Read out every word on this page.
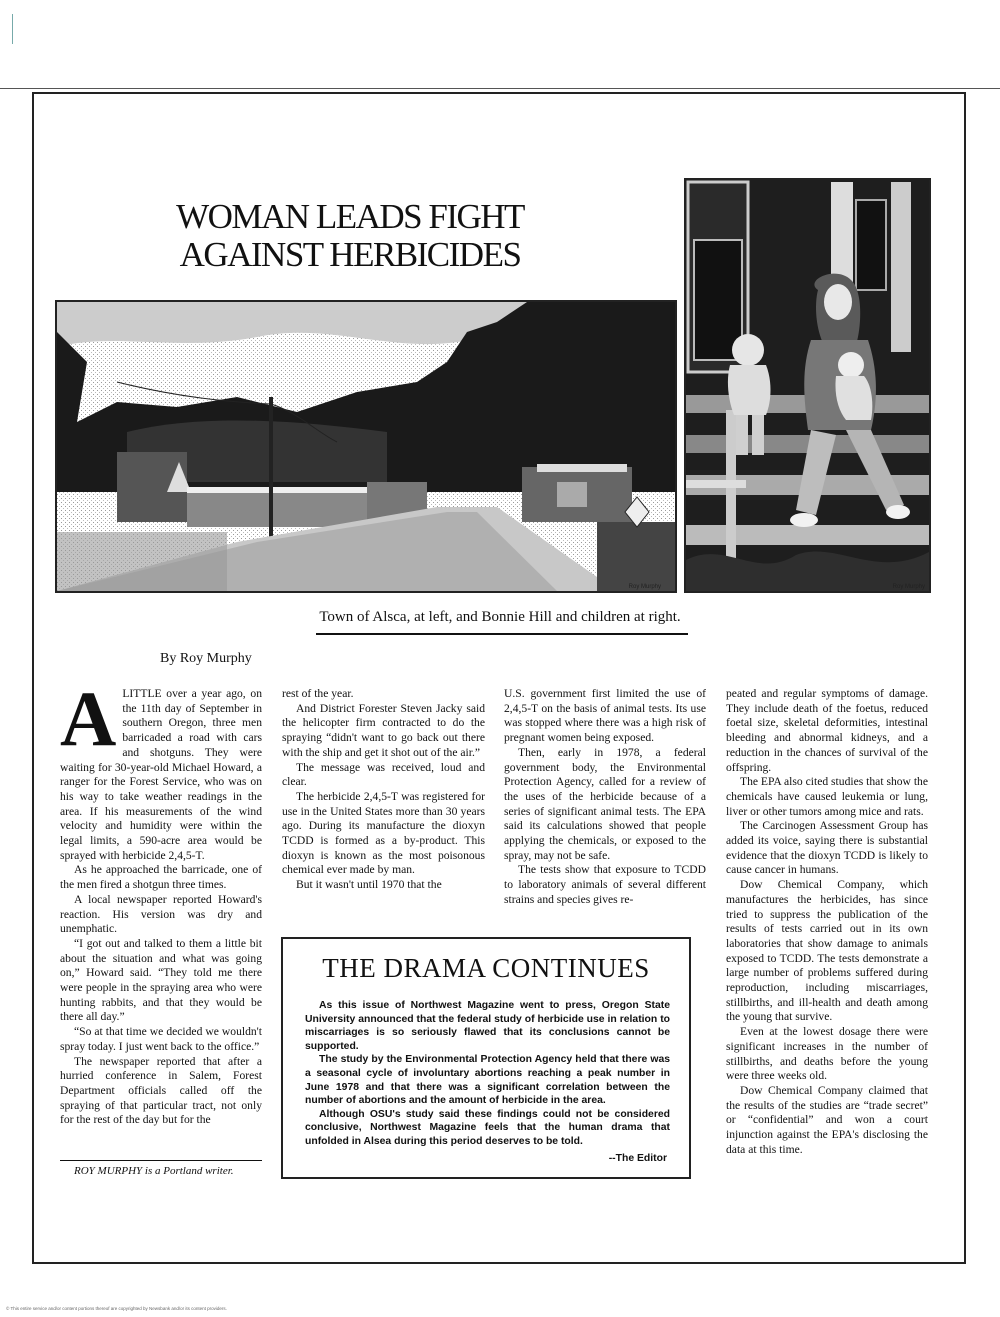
WOMAN LEADS FIGHT
AGAINST HERBICIDES
Roy Murphy	Roy Murphy
Town of Alsca, at left, and Bonnie Hill and children at right.
By Roy Murphy
A LITTLE over a year ago, on the 11th day of September in southern Oregon, three men barricaded a road with cars and shotguns. They were waiting for 30-year-old Michael Howard, a ranger for the Forest Service, who was on his way to take weather readings in the area. If his measurements of the wind velocity and humidity were within the legal limits, a 590-acre area would be sprayed with herbicide 2,4,5-T.

As he approached the barricade, one of the men fired a shotgun three times.

A local newspaper reported Howard's reaction. His version was dry and unemphatic.

“I got out and talked to them a little bit about the situation and what was going on,” Howard said. “They told me there were people in the spraying area who were hunting rabbits, and that they would be there all day.”

“So at that time we decided we wouldn't spray today. I just went back to the office.”

The newspaper reported that after a hurried conference in Salem, Forest Department officials called off the spraying of that particular tract, not only for the rest of the day but for the

rest of the year.

And District Forester Steven Jacky said the helicopter firm contracted to do the spraying “didn't want to go back out there with the ship and get it shot out of the air.”

The message was received, loud and clear.

The herbicide 2,4,5-T was registered for use in the United States more than 30 years ago. During its manufacture the dioxyn TCDD is formed as a by-product. This dioxyn is known as the most poisonous chemical ever made by man.

But it wasn't until 1970 that the

U.S. government first limited the use of 2,4,5-T on the basis of animal tests. Its use was stopped where there was a high risk of pregnant women being exposed.

Then, early in 1978, a federal government body, the Environmental Protection Agency, called for a review of the uses of the herbicide because of a series of significant animal tests. The EPA said its calculations showed that people applying the chemicals, or exposed to the spray, may not be safe.

The tests show that exposure to TCDD to laboratory animals of several different strains and species gives re-

peated and regular symptoms of damage. They include death of the foetus, reduced foetal size, skeletal deformities, intestinal bleeding and abnormal kidneys, and a reduction in the chances of survival of the offspring.

The EPA also cited studies that show the chemicals have caused leukemia or lung, liver or other tumors among mice and rats.

The Carcinogen Assessment Group has added its voice, saying there is substantial evidence that the dioxyn TCDD is likely to cause cancer in humans.

Dow Chemical Company, which manufactures the herbicides, has since tried to suppress the publication of the results of tests carried out in its own laboratories that show damage to animals exposed to TCDD. The tests demonstrate a large number of problems suffered during reproduction, including miscarriages, stillbirths, and ill-health and death among the young that survive.

Even at the lowest dosage there were significant increases in the number of stillbirths, and deaths before the young were three weeks old.

Dow Chemical Company claimed that the results of the studies are “trade secret” or “confidential” and won a court injunction against the EPA's disclosing the data at this time.

THE DRAMA CONTINUES

As this issue of Northwest Magazine went to press, Oregon State University announced that the federal study of herbicide use in relation to miscarriages is so seriously flawed that its conclusions cannot be supported.

The study by the Environmental Protection Agency held that there was a seasonal cycle of involuntary abortions reaching a peak number in June 1978 and that there was a significant correlation between the number of abortions and the amount of herbicide in the area.

Although OSU's study said these findings could not be considered conclusive, Northwest Magazine feels that the human drama that unfolded in Alsea during this period deserves to be told.

--The Editor
ROY MURPHY is a Portland writer.
© This entire service and/or content portions thereof are copyrighted by Newsbank and/or its content providers.
